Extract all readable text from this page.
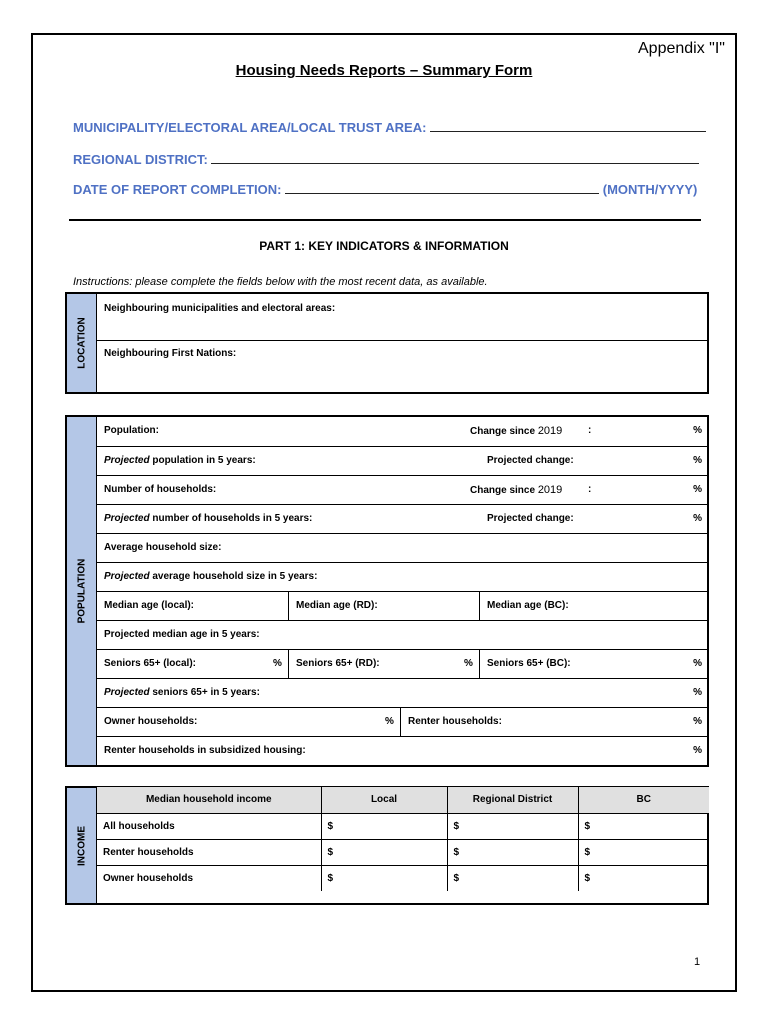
Appendix "I"
Housing Needs Reports – Summary Form
MUNICIPALITY/ELECTORAL AREA/LOCAL TRUST AREA:
REGIONAL DISTRICT:
DATE OF REPORT COMPLETION:	(MONTH/YYYY)
PART 1: KEY INDICATORS & INFORMATION
Instructions: please complete the fields below with the most recent data, as available.
LOCATION
Neighbouring municipalities and electoral areas:
Neighbouring First Nations:
POPULATION
Population:	Change since 2019	:	%
Projected population in 5 years:	Projected change:	%
Number of households:	Change since 2019	:	%
Projected number of households in 5 years:	Projected change:	%
Average household size:
Projected average household size in 5 years:
Median age (local):	Median age (RD):	Median age (BC):
Projected median age in 5 years:
Seniors 65+ (local):	% Seniors 65+ (RD):	% Seniors 65+ (BC):	%
Projected seniors 65+ in 5 years:	%
Owner households:	% Renter households:	%
Renter households in subsidized housing:	%
INCOME
Median household income	Local	Regional District	BC
All households	$	$	$
Renter households	$	$	$
Owner households	$	$	$
1
